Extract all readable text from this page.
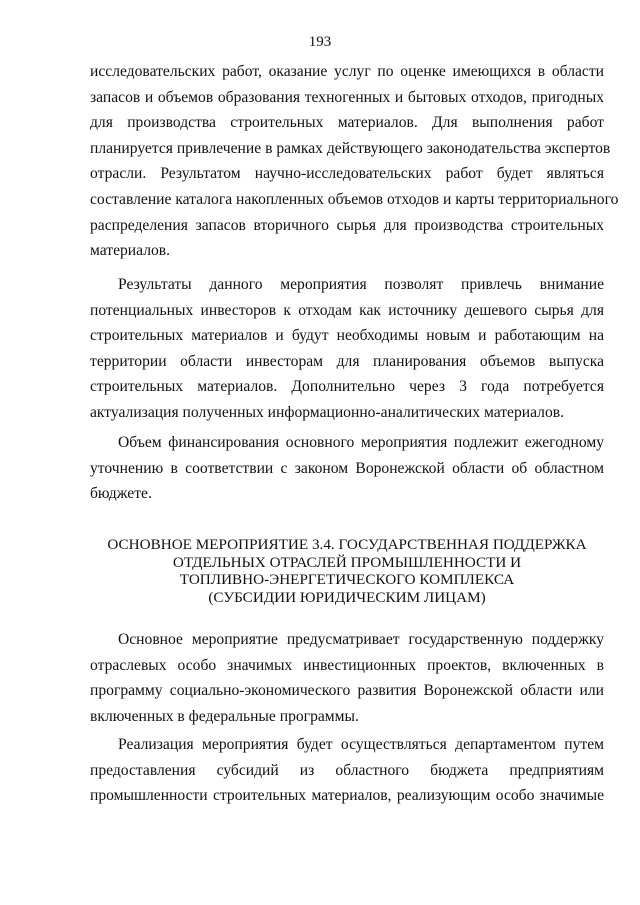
193
исследовательских работ, оказание услуг по оценке имеющихся в области
запасов и объемов образования техногенных и бытовых отходов, пригодных
для производства строительных материалов. Для выполнения работ
планируется привлечение в рамках действующего законодательства экспертов
отрасли. Результатом научно-исследовательских работ будет являться
составление каталога накопленных объемов отходов и карты территориального
распределения запасов вторичного сырья для производства строительных
материалов.
Результаты данного мероприятия позволят привлечь внимание
потенциальных инвесторов к отходам как источнику дешевого сырья для
строительных материалов и будут необходимы новым и работающим на
территории области инвесторам для планирования объемов выпуска
строительных материалов. Дополнительно через 3 года потребуется
актуализация полученных информационно-аналитических материалов.
Объем финансирования основного мероприятия подлежит ежегодному
уточнению в соответствии с законом Воронежской области об областном
бюджете.
ОСНОВНОЕ МЕРОПРИЯТИЕ 3.4. ГОСУДАРСТВЕННАЯ ПОДДЕРЖКА
ОТДЕЛЬНЫХ ОТРАСЛЕЙ ПРОМЫШЛЕННОСТИ И
ТОПЛИВНО-ЭНЕРГЕТИЧЕСКОГО КОМПЛЕКСА
(СУБСИДИИ ЮРИДИЧЕСКИМ ЛИЦАМ)
Основное мероприятие предусматривает государственную поддержку
отраслевых особо значимых инвестиционных проектов, включенных в
программу социально-экономического развития Воронежской области или
включенных в федеральные программы.
Реализация мероприятия будет осуществляться департаментом путем
предоставления субсидий из областного бюджета предприятиям
промышленности строительных материалов, реализующим особо значимые
